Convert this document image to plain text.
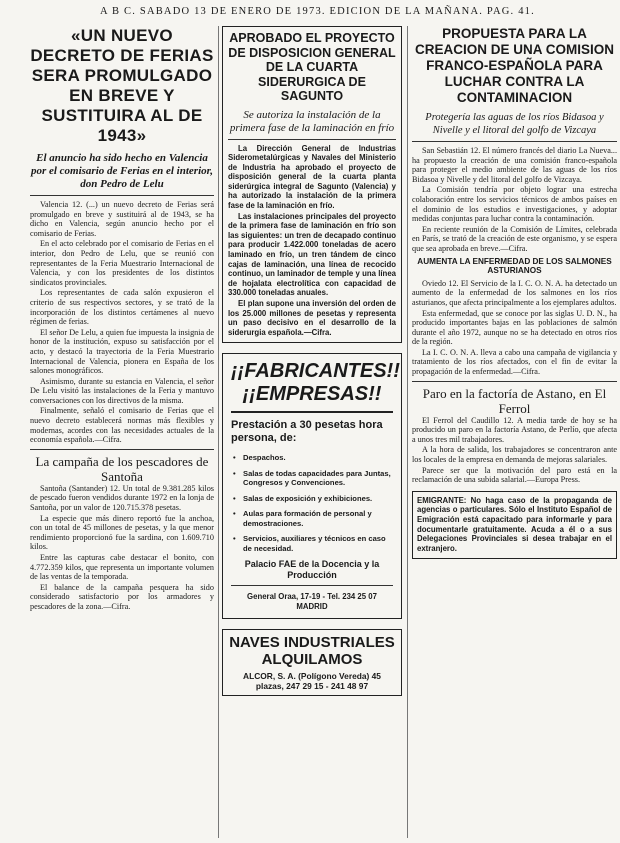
A B C. SABADO 13 DE ENERO DE 1973. EDICION DE LA MAÑANA. PAG. 41.
«UN NUEVO DECRETO DE FERIAS SERA PROMULGADO EN BREVE Y SUSTITUIRA AL DE 1943»
El anuncio ha sido hecho en Valencia por el comisario de Ferias en el interior, don Pedro de Lelu
Valencia 12. (...) un nuevo decreto de Ferias será promulgado en breve y sustituirá al de 1943, se ha dicho en Valencia, según anuncio hecho por el comisario de Ferias.
En el acto celebrado por el comisario de Ferias en el interior, don Pedro de Lelu, que se reunió con representantes de la Feria Muestrario Internacional de Valencia, y con los presidentes de los distintos sindicatos provinciales.
Los representantes de cada salón expusieron el criterio de sus respectivos sectores, y se trató de la incorporación de los distintos certámenes al nuevo régimen de ferias.
El señor De Lelu, a quien fue impuesta la insignia de honor de la institución, expuso su satisfacción por el acto, y destacó la trayectoria de la Feria Muestrario Internacional de Valencia, pionera en España de los salones monográficos.
Asimismo, durante su estancia en Valencia, el señor De Lelu visitó las instalaciones de la Feria y mantuvo conversaciones con los directivos de la misma.
Finalmente, señaló el comisario de Ferias que el nuevo decreto establecerá normas más flexibles y modernas, acordes con las necesidades actuales de la economía española.—Cifra.
La campaña de los pescadores de Santoña
Santoña (Santander) 12. Un total de 9.381.285 kilos de pescado fueron vendidos durante 1972 en la lonja de Santoña, por un valor de 120.715.378 pesetas.
La especie que más dinero reportó fue la anchoa, con un total de 45 millones de pesetas, y la que menor rendimiento proporcionó fue la sardina, con 1.609.710 kilos.
Entre las capturas cabe destacar el bonito, con 4.772.359 kilos, que representa un importante volumen de las ventas de la temporada.
El balance de la campaña pesquera ha sido considerado satisfactorio por los armadores y pescadores de la zona.—Cifra.
APROBADO EL PROYECTO DE DISPOSICION GENERAL DE LA CUARTA SIDERURGICA DE SAGUNTO
Se autoriza la instalación de la primera fase de la laminación en frío
La Dirección General de Industrias Siderometalúrgicas y Navales del Ministerio de Industria ha aprobado el proyecto de disposición general de la cuarta planta siderúrgica integral de Sagunto (Valencia) y ha autorizado la instalación de la primera fase de la laminación en frío.
Las instalaciones principales del proyecto de la primera fase de laminación en frío son las siguientes: un tren de decapado continuo para producir 1.422.000 toneladas de acero laminado en frío, un tren tándem de cinco cajas de laminación, una línea de recocido continuo, un laminador de temple y una línea de hojalata electrolítica con capacidad de 330.000 toneladas anuales.
El plan supone una inversión del orden de los 25.000 millones de pesetas y representa un paso decisivo en el desarrollo de la siderurgia española.—Cifra.
¡¡FABRICANTES!! ¡¡EMPRESAS!!
Prestación a 30 pesetas hora persona, de:
• Despachos.
• Salas de todas capacidades para Juntas, Congresos y Convenciones.
• Salas de exposición y exhibiciones.
• Aulas para formación de personal y demostraciones.
• Servicios, auxiliares y técnicos en caso de necesidad.
Palacio FAE de la Docencia y la Producción
General Oraa, 17-19 - Tel. 234 25 07 MADRID
NAVES INDUSTRIALES ALQUILAMOS
ALCOR, S. A. (Polígono Vereda) 45 plazas, 247 29 15 - 241 48 97
PROPUESTA PARA LA CREACION DE UNA COMISION FRANCO-ESPAÑOLA PARA LUCHAR CONTRA LA CONTAMINACION
Protegería las aguas de los ríos Bidasoa y Nivelle y el litoral del golfo de Vizcaya
San Sebastián 12. El número francés del diario La Nueva... ha propuesto la creación de una comisión franco-española para proteger el medio ambiente de las aguas de los ríos Bidasoa y Nivelle y del litoral del golfo de Vizcaya.
La Comisión tendría por objeto lograr una estrecha colaboración entre los servicios técnicos de ambos países en el dominio de los estudios e investigaciones, y adoptar medidas conjuntas para luchar contra la contaminación.
En reciente reunión de la Comisión de Límites, celebrada en París, se trató de la creación de este organismo, y se espera que sea aprobada en breve.—Cifra.
AUMENTA LA ENFERMEDAD DE LOS SALMONES ASTURIANOS
Oviedo 12. El Servicio de la I. C. O. N. A. ha detectado un aumento de la enfermedad de los salmones en los ríos asturianos, que afecta principalmente a los ejemplares adultos.
Esta enfermedad, que se conoce por las siglas U. D. N., ha producido importantes bajas en las poblaciones de salmón durante el año 1972, aunque no se ha detectado en otros ríos de la región.
La I. C. O. N. A. lleva a cabo una campaña de vigilancia y tratamiento de los ríos afectados, con el fin de evitar la propagación de la enfermedad.—Cifra.
Paro en la factoría de Astano, en El Ferrol
El Ferrol del Caudillo 12. A media tarde de hoy se ha producido un paro en la factoría Astano, de Perlío, que afecta a unos tres mil trabajadores.
A la hora de salida, los trabajadores se concentraron ante los locales de la empresa en demanda de mejoras salariales.
Parece ser que la motivación del paro está en la reclamación de una subida salarial.—Europa Press.
EMIGRANTE: No haga caso de la propaganda de agencias o particulares. Sólo el Instituto Español de Emigración está capacitado para informarle y para documentarle gratuitamente. Acuda a él o a sus Delegaciones Provinciales si desea trabajar en el extranjero.
